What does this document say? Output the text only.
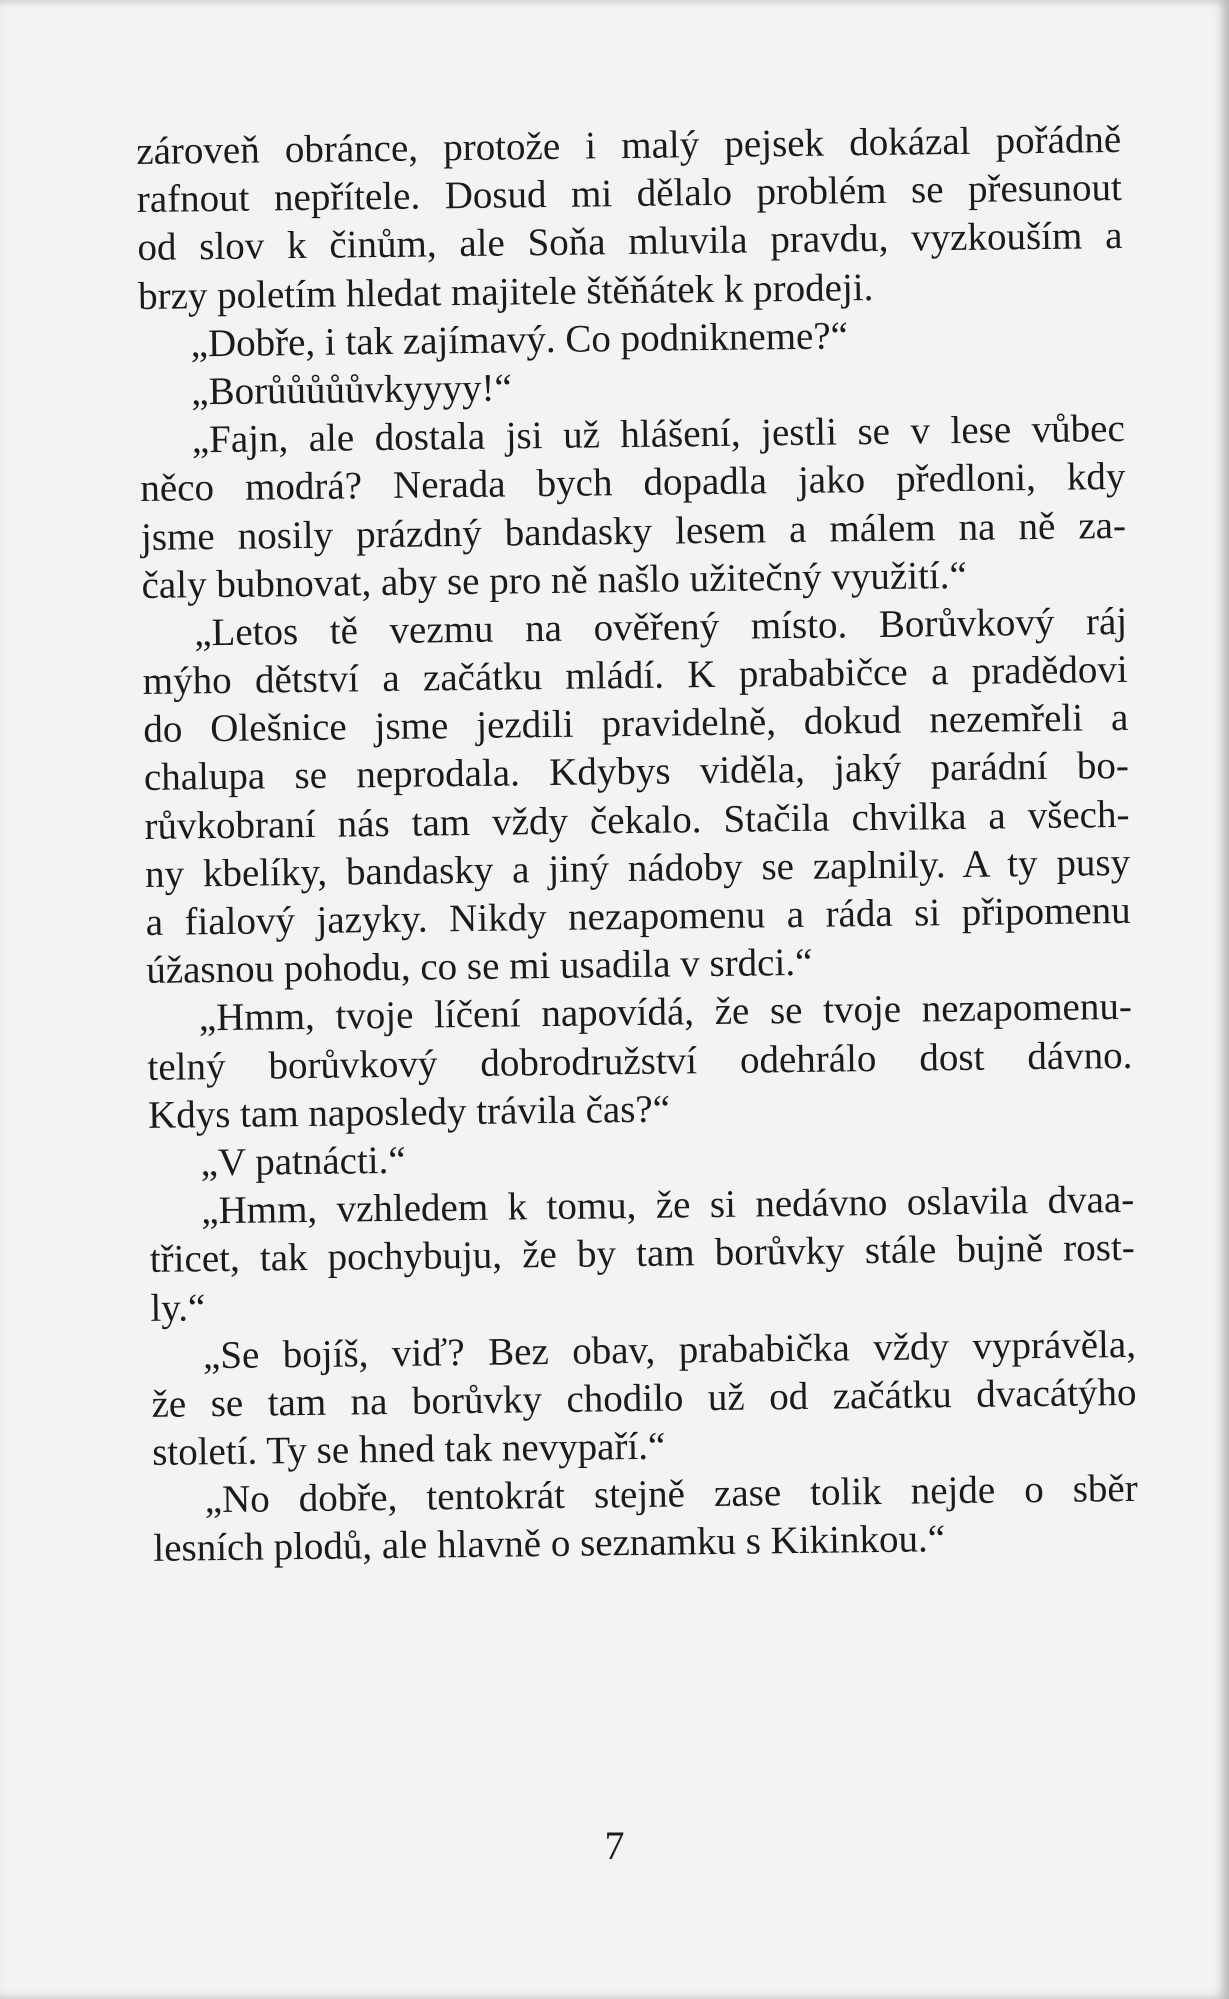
zároveň obránce, protože i malý pejsek dokázal pořádně
rafnout nepřítele. Dosud mi dělalo problém se přesunout
od slov k činům, ale Soňa mluvila pravdu, vyzkouším a
brzy poletím hledat majitele štěňátek k prodeji.
„Dobře, i tak zajímavý. Co podnikneme?“
„Borůůůůůvkyyyy!“
„Fajn, ale dostala jsi už hlášení, jestli se v lese vůbec
něco modrá? Nerada bych dopadla jako předloni, kdy
jsme nosily prázdný bandasky lesem a málem na ně za-
čaly bubnovat, aby se pro ně našlo užitečný využití.“
„Letos tě vezmu na ověřený místo. Borůvkový ráj
mýho dětství a začátku mládí. K prababičce a pradědovi
do Olešnice jsme jezdili pravidelně, dokud nezemřeli a
chalupa se neprodala. Kdybys viděla, jaký parádní bo-
růvkobraní nás tam vždy čekalo. Stačila chvilka a všech-
ny kbelíky, bandasky a jiný nádoby se zaplnily. A ty pusy
a fialový jazyky. Nikdy nezapomenu a ráda si připomenu
úžasnou pohodu, co se mi usadila v srdci.“
„Hmm, tvoje líčení napovídá, že se tvoje nezapomenu-
telný borůvkový dobrodružství odehrálo dost dávno.
Kdys tam naposledy trávila čas?“
„V patnácti.“
„Hmm, vzhledem k tomu, že si nedávno oslavila dvaa-
třicet, tak pochybuju, že by tam borůvky stále bujně rost-
ly.“
„Se bojíš, viď? Bez obav, prababička vždy vyprávěla,
že se tam na borůvky chodilo už od začátku dvacátýho
století. Ty se hned tak nevypaří.“
„No dobře, tentokrát stejně zase tolik nejde o sběr
lesních plodů, ale hlavně o seznamku s Kikinkou.“
7
